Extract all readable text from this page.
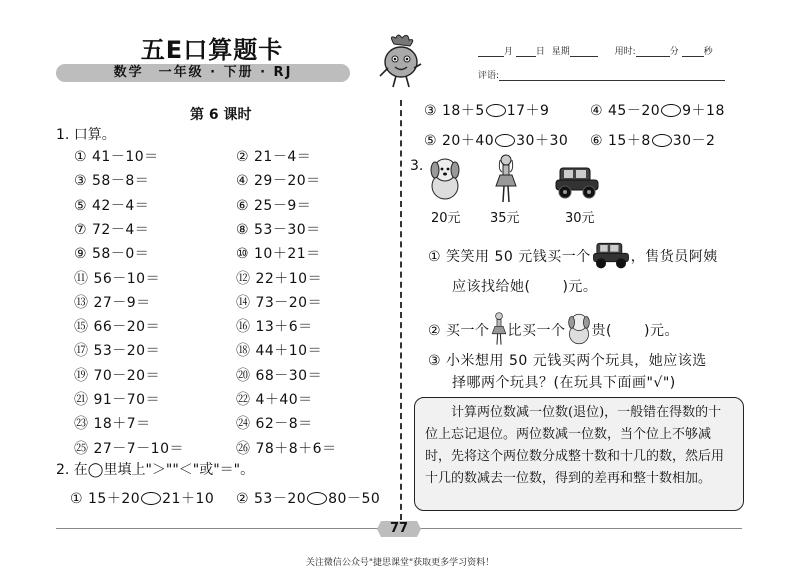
五E口算题卡
数学　一年级 · 下册 · RJ
月	日 星期	用时:	分	秒
评语:
第 6 课时
1. 口算。
① 41－10＝	② 21－4＝
③ 58－8＝	④ 29－20＝
⑤ 42－4＝	⑥ 25－9＝
⑦ 72－4＝	⑧ 53－30＝
⑨ 58－0＝	⑩ 10＋21＝
⑪ 56－10＝	⑫ 22＋10＝
⑬ 27－9＝	⑭ 73－20＝
⑮ 66－20＝	⑯ 13＋6＝
⑰ 53－20＝	⑱ 44＋10＝
⑲ 70－20＝	⑳ 68－30＝
㉑ 91－70＝	㉒ 4＋40＝
㉓ 18＋7＝	㉔ 62－8＝
㉕ 27－7－10＝	㉖ 78＋8＋6＝
2. 在◯里填上"＞""＜"或"＝"。
① 15＋20 21＋10 ② 53－20 80－50
③ 18＋5 17＋9	④ 45－20 9＋18
⑤ 20＋40 30＋30 ⑥ 15＋8 30－2
3.
20元 35元	30元
① 笑笑用 50 元钱买一个	，售货员阿姨
应该找给她( )元。
② 买一个 比买一个 贵( )元。
③ 小米想用 50 元钱买两个玩具，她应该选
择哪两个玩具？(在玩具下面画"√")

计算两位数减一位数(退位)，一般错在得数的十位上忘记退位。两位数减一位数，当个位上不够减时，先将这个两位数分成整十数和十几的数，然后用十几的数减去一位数，得到的差再和整十数相加。

77
关注微信公众号"捷思课堂"获取更多学习资料！
